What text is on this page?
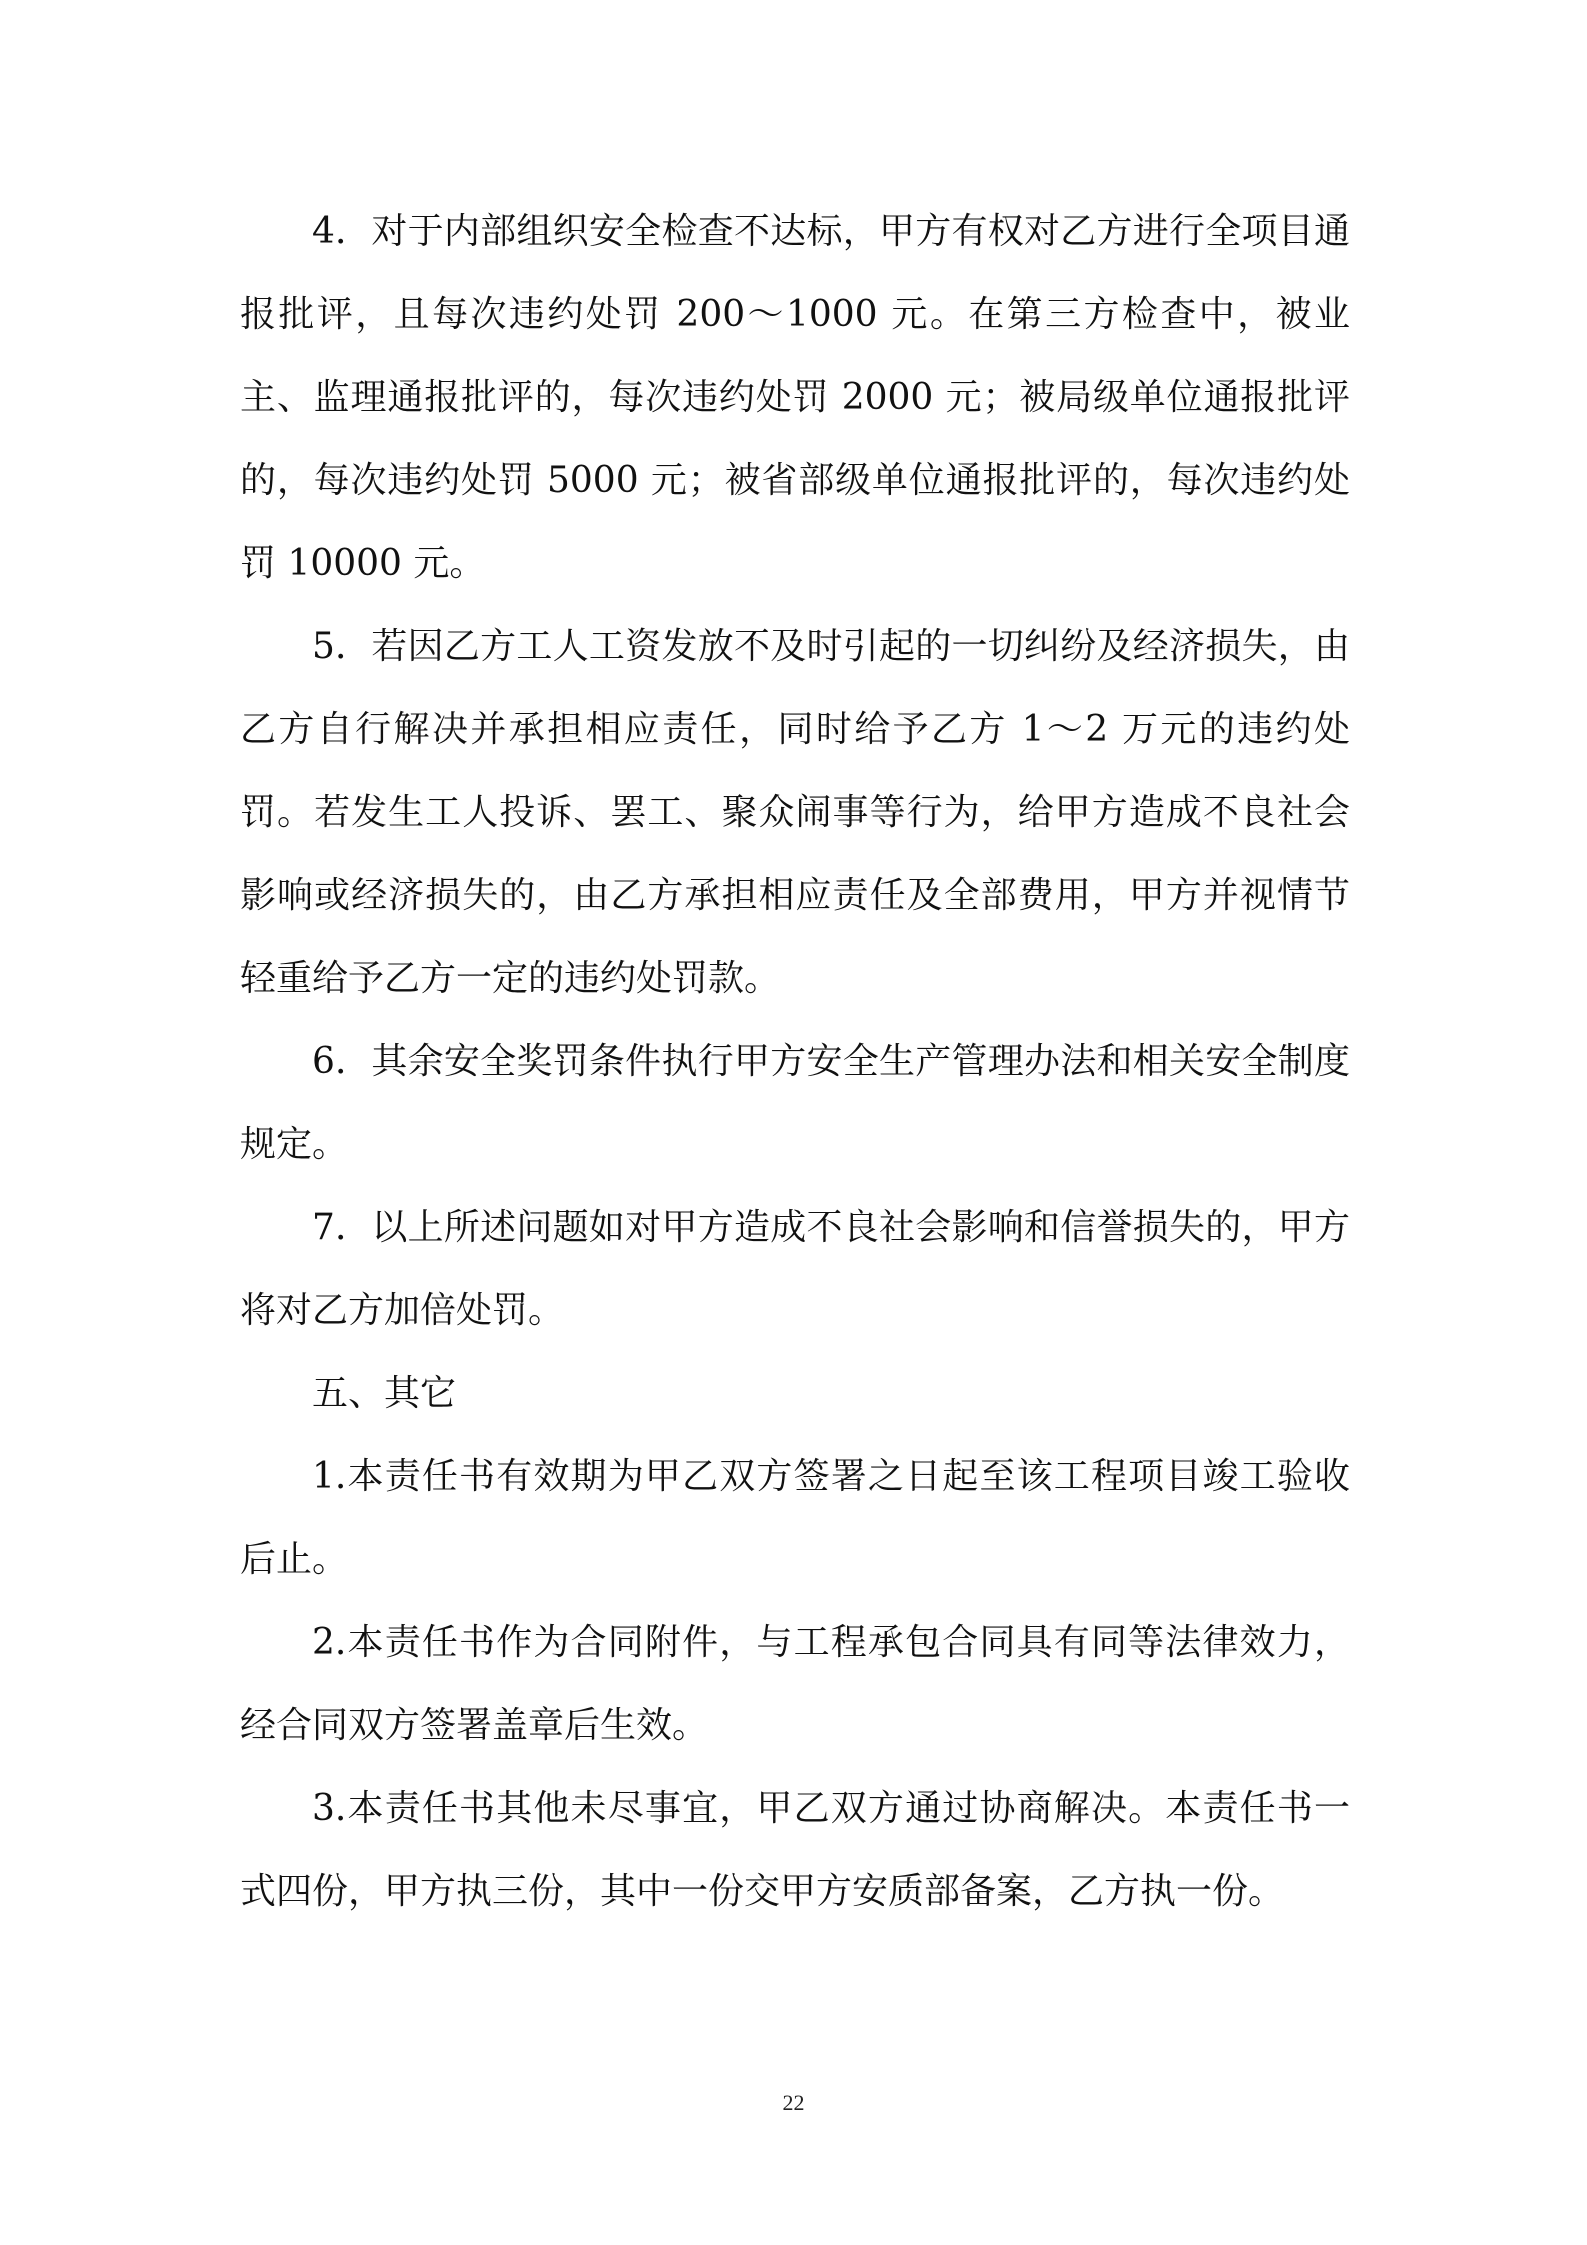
4．对于内部组织安全检查不达标，甲方有权对乙方进行全项目通报批评，且每次违约处罚 200～1000 元。在第三方检查中，被业主、监理通报批评的，每次违约处罚 2000 元；被局级单位通报批评的，每次违约处罚 5000 元；被省部级单位通报批评的，每次违约处罚 10000 元。

5．若因乙方工人工资发放不及时引起的一切纠纷及经济损失，由乙方自行解决并承担相应责任，同时给予乙方 1～2 万元的违约处罚。若发生工人投诉、罢工、聚众闹事等行为，给甲方造成不良社会影响或经济损失的，由乙方承担相应责任及全部费用，甲方并视情节轻重给予乙方一定的违约处罚款。

6．其余安全奖罚条件执行甲方安全生产管理办法和相关安全制度规定。

7．以上所述问题如对甲方造成不良社会影响和信誉损失的，甲方将对乙方加倍处罚。

五、其它

1.本责任书有效期为甲乙双方签署之日起至该工程项目竣工验收后止。

2.本责任书作为合同附件，与工程承包合同具有同等法律效力，经合同双方签署盖章后生效。

3.本责任书其他未尽事宜，甲乙双方通过协商解决。本责任书一式四份，甲方执三份，其中一份交甲方安质部备案，乙方执一份。

22
